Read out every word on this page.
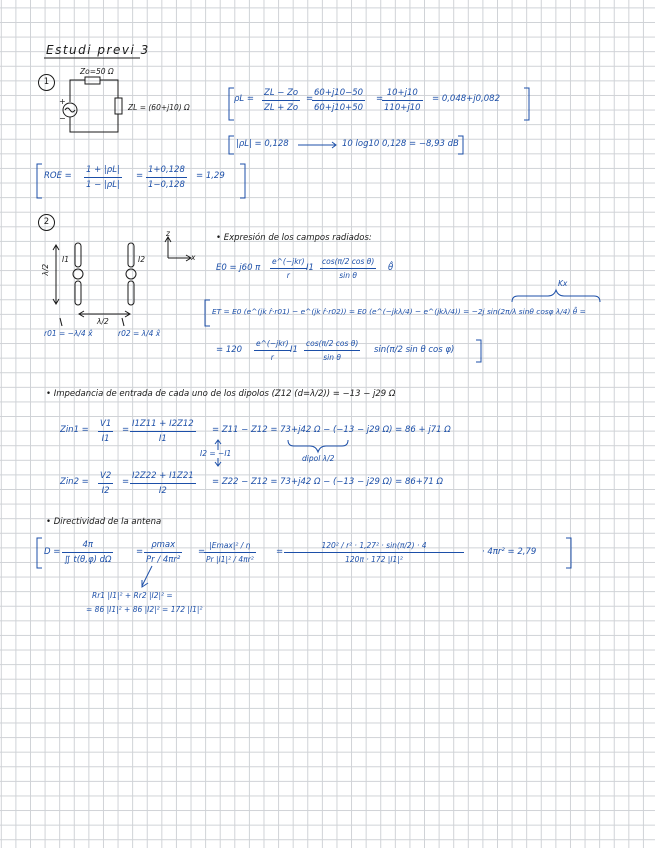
Estudi previ 3
1
+
−
Zo=50 Ω
ZL = (60+j10) Ω
ρL =
ZL − Zo
ZL + Zo
=
60+j10−50
60+j10+50
=
10+j10
110+j10
= 0,048+j0,082
|ρL| = 0,128	10 log10 0,128 = −8,93 dB
ROE =
1 + |ρL|
1 − |ρL|
=
1+0,128
1−0,128
= 1,29
2
λ/2
λ/2
I1	I2
z
x
r01 = −λ/4 x̂	r02 = λ/4 x̂
• Expresión de los campos radiados:
E0 = j60 π
e^(−jkr)
r
I1
cos(π/2 cos θ)
sin θ
θ̂
Kx
ET = E0 (e^(jk r̂·r01) − e^(jk r̂·r02)) = E0 (e^(−jkλ/4) − e^(jkλ/4)) = −2j sin(2π/λ sinθ cosφ λ/4) θ̂ =
= 120
e^(−jkr)
r
I1
cos(π/2 cos θ)
sin θ
sin(π/2 sin θ cos φ)
• Impedancia de entrada de cada uno de los dipolos (Z12 (d=λ/2)) = −13 − j29 Ω
Zin1 =
V1
I1
=
I1Z11 + I2Z12
I1
= Z11 − Z12 = 73+j42 Ω − (−13 − j29 Ω) = 86 + j71 Ω
I2 = −I1
dipol λ/2
Zin2 =
V2
I2
=
I2Z22 + I1Z21
I2
= Z22 − Z12 = 73+j42 Ω − (−13 − j29 Ω) = 86+71 Ω
• Directividad de la antena
D =
4π
∬ t(θ,φ) dΩ
=
ρmax
Pr / 4πr²
=
|Emax|² / η
Pr |I1|² / 4πr²
=
120² / r² · 1,27² · sin(π/2) · 4
120π · 172 |I1|²
· 4πr² = 2,79
Rr1 |I1|² + Rr2 |I2|² =
= 86 |I1|² + 86 |I2|² = 172 |I1|²
